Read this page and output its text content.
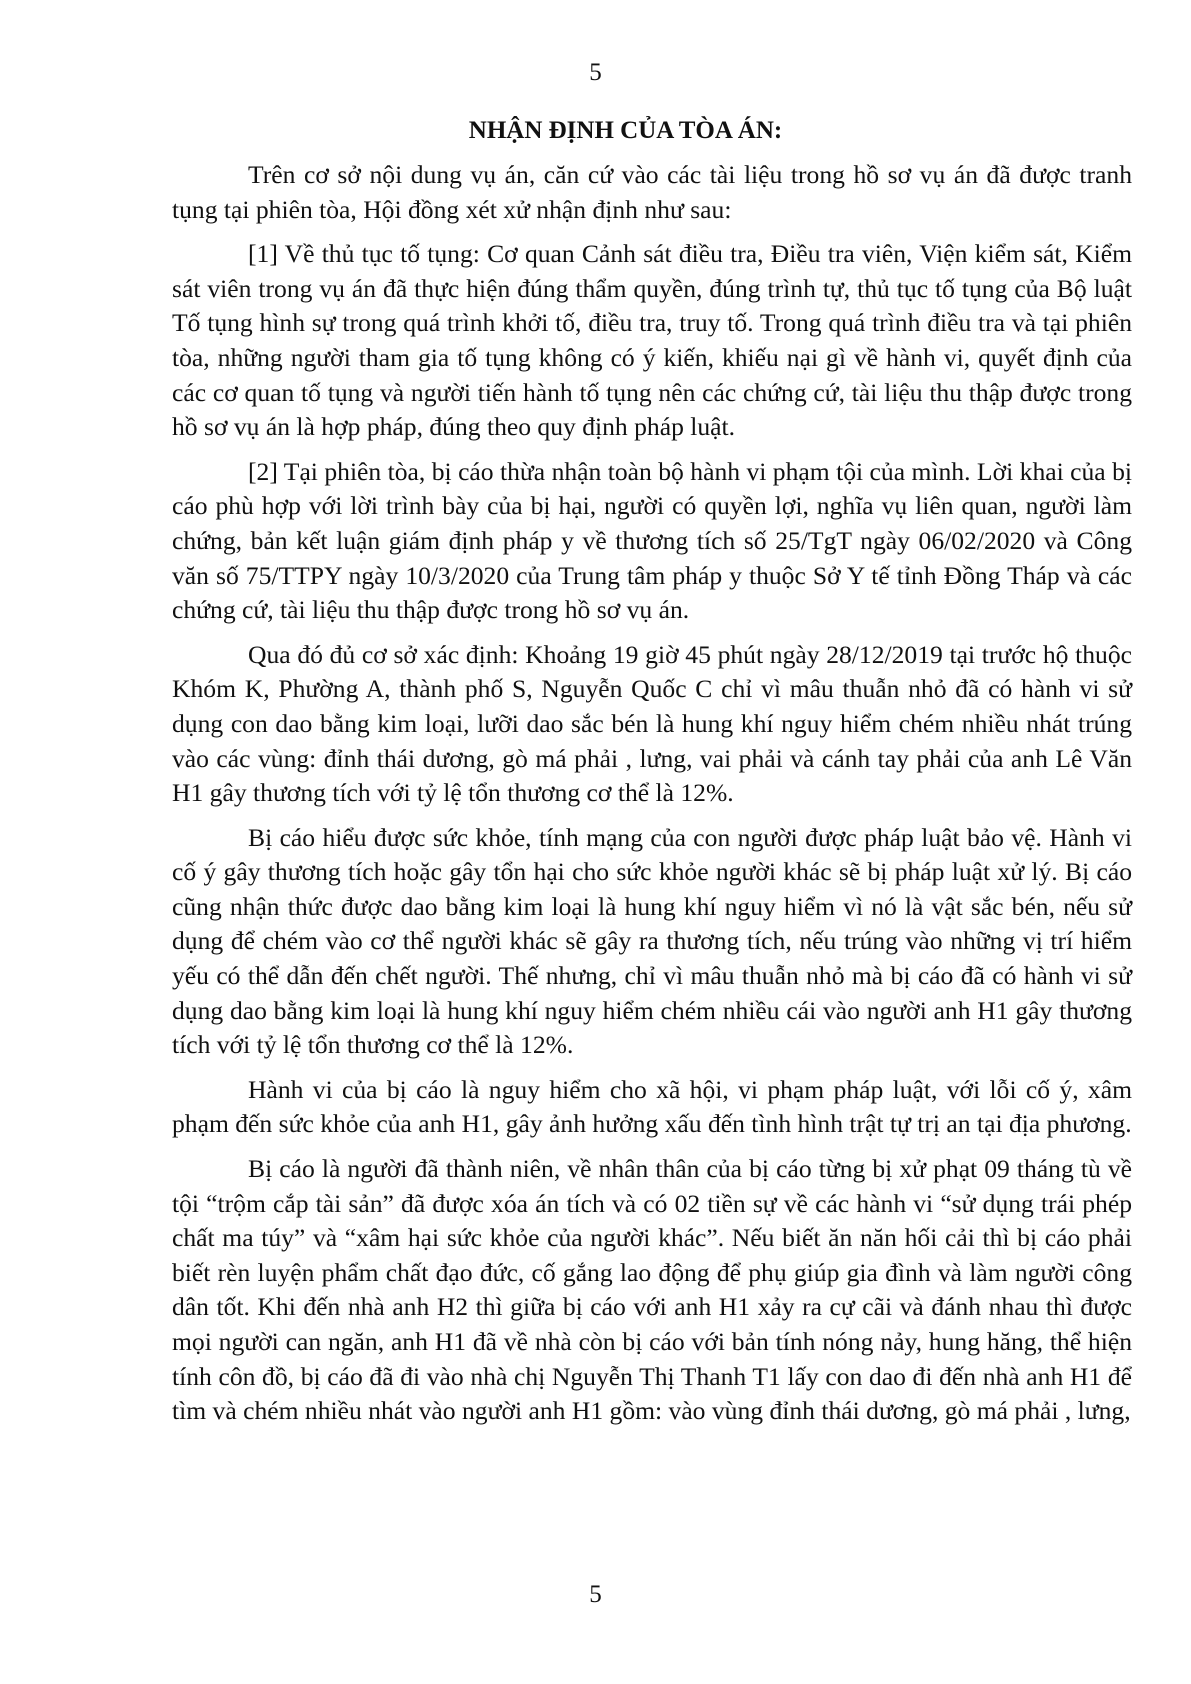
5
NHẬN ĐỊNH CỦA TÒA ÁN:

Trên cơ sở nội dung vụ án, căn cứ vào các tài liệu trong hồ sơ vụ án đã được tranh tụng tại phiên tòa, Hội đồng xét xử nhận định như sau:

[1] Về thủ tục tố tụng: Cơ quan Cảnh sát điều tra, Điều tra viên, Viện kiểm sát, Kiểm sát viên trong vụ án đã thực hiện đúng thẩm quyền, đúng trình tự, thủ tục tố tụng của Bộ luật Tố tụng hình sự trong quá trình khởi tố, điều tra, truy tố. Trong quá trình điều tra và tại phiên tòa, những người tham gia tố tụng không có ý kiến, khiếu nại gì về hành vi, quyết định của các cơ quan tố tụng và người tiến hành tố tụng nên các chứng cứ, tài liệu thu thập được trong hồ sơ vụ án là hợp pháp, đúng theo quy định pháp luật.

[2] Tại phiên tòa, bị cáo thừa nhận toàn bộ hành vi phạm tội của mình. Lời khai của bị cáo phù hợp với lời trình bày của bị hại, người có quyền lợi, nghĩa vụ liên quan, người làm chứng, bản kết luận giám định pháp y về thương tích số 25/TgT ngày 06/02/2020 và Công văn số 75/TTPY ngày 10/3/2020 của Trung tâm pháp y thuộc Sở Y tế tỉnh Đồng Tháp và các chứng cứ, tài liệu thu thập được trong hồ sơ vụ án.

Qua đó đủ cơ sở xác định: Khoảng 19 giờ 45 phút ngày 28/12/2019 tại trước hộ thuộc Khóm K, Phường A, thành phố S, Nguyễn Quốc C chỉ vì mâu thuẫn nhỏ đã có hành vi sử dụng con dao bằng kim loại, lưỡi dao sắc bén là hung khí nguy hiểm chém nhiều nhát trúng vào các vùng: đỉnh thái dương, gò má phải , lưng, vai phải và cánh tay phải của anh Lê Văn H1 gây thương tích với tỷ lệ tổn thương cơ thể là 12%.

Bị cáo hiểu được sức khỏe, tính mạng của con người được pháp luật bảo vệ. Hành vi cố ý gây thương tích hoặc gây tổn hại cho sức khỏe người khác sẽ bị pháp luật xử lý. Bị cáo cũng nhận thức được dao bằng kim loại là hung khí nguy hiểm vì nó là vật sắc bén, nếu sử dụng để chém vào cơ thể người khác sẽ gây ra thương tích, nếu trúng vào những vị trí hiểm yếu có thể dẫn đến chết người. Thế nhưng, chỉ vì mâu thuẫn nhỏ mà bị cáo đã có hành vi sử dụng dao bằng kim loại là hung khí nguy hiểm chém nhiều cái vào người anh H1 gây thương tích với tỷ lệ tổn thương cơ thể là 12%.

Hành vi của bị cáo là nguy hiểm cho xã hội, vi phạm pháp luật, với lỗi cố ý, xâm phạm đến sức khỏe của anh H1, gây ảnh hưởng xấu đến tình hình trật tự trị an tại địa phương.

Bị cáo là người đã thành niên, về nhân thân của bị cáo từng bị xử phạt 09 tháng tù về tội “trộm cắp tài sản” đã được xóa án tích và có 02 tiền sự về các hành vi “sử dụng trái phép chất ma túy” và “xâm hại sức khỏe của người khác”. Nếu biết ăn năn hối cải thì bị cáo phải biết rèn luyện phẩm chất đạo đức, cố gắng lao động để phụ giúp gia đình và làm người công dân tốt. Khi đến nhà anh H2 thì giữa bị cáo với anh H1 xảy ra cự cãi và đánh nhau thì được mọi người can ngăn, anh H1 đã về nhà còn bị cáo với bản tính nóng nảy, hung hăng, thể hiện tính côn đồ, bị cáo đã đi vào nhà chị Nguyễn Thị Thanh T1 lấy con dao đi đến nhà anh H1 để tìm và chém nhiều nhát vào người anh H1 gồm: vào vùng đỉnh thái dương, gò má phải , lưng,

5
